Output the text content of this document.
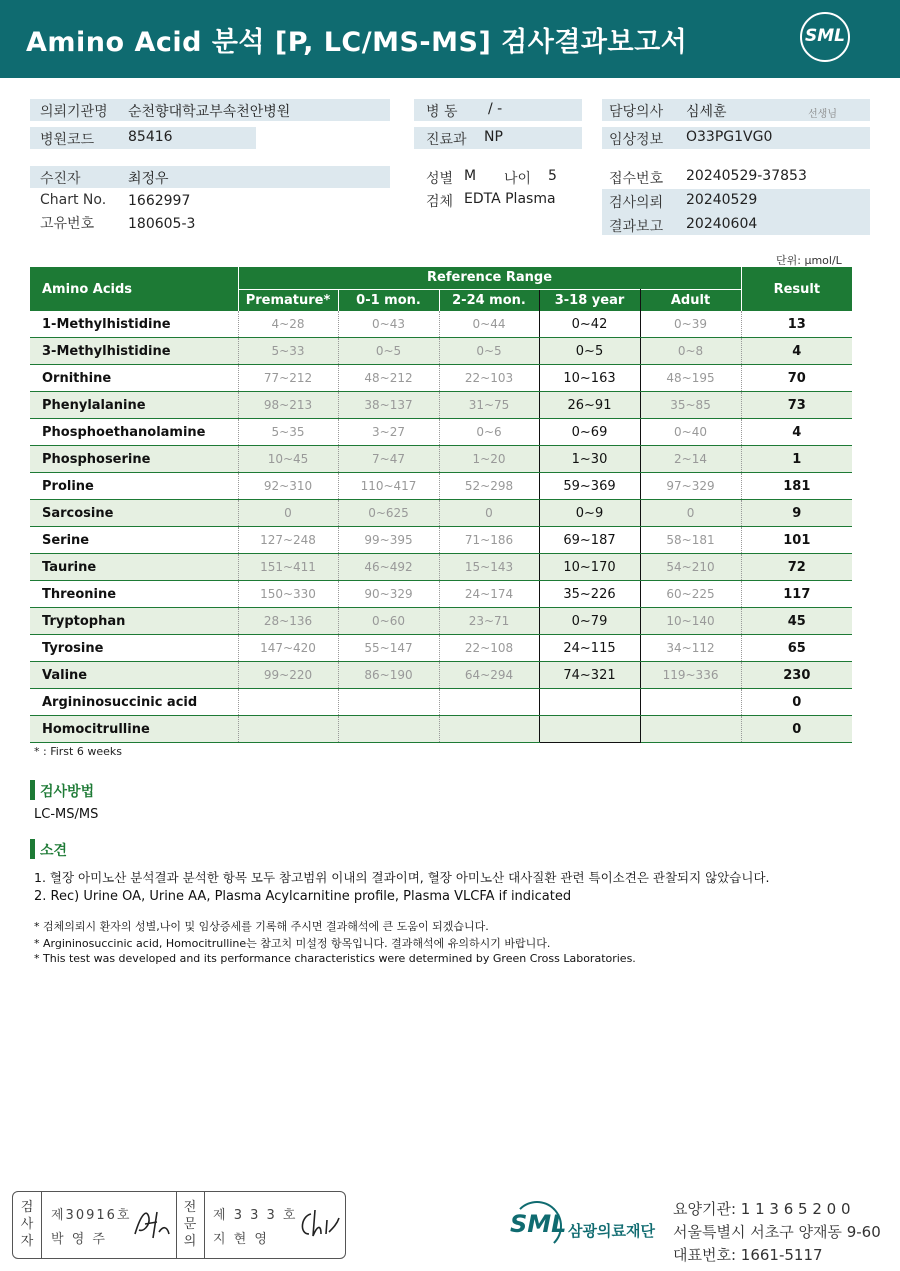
Amino Acid 분석 [P, LC/MS-MS] 검사결과보고서	SML
의뢰기관명 순천향대학교부속천안병원
병원코드 85416
병 동 / -
진료과 NP
담당의사 심세훈	선생님
임상정보 O33PG1VG0
수진자	최정우
Chart No. 1662997
고유번호 180605-3
성별 M 나이 5
검체 EDTA Plasma
접수번호 20240529-37853
검사의뢰 20240529
결과보고 20240604
단위: μmol/L
Amino Acids	Reference Range					Result
	Premature*	0-1 mon.	2-24 mon.	3-18 year	Adult	
1-Methylhistidine	4~28	0~43	0~44	0~42	0~39	13
3-Methylhistidine	5~33	0~5	0~5	0~5	0~8	4
Ornithine	77~212	48~212	22~103	10~163	48~195	70
Phenylalanine	98~213	38~137	31~75	26~91	35~85	73
Phosphoethanolamine	5~35	3~27	0~6	0~69	0~40	4
Phosphoserine	10~45	7~47	1~20	1~30	2~14	1
Proline	92~310	110~417	52~298	59~369	97~329	181
Sarcosine	0	0~625	0	0~9	0	9
Serine	127~248	99~395	71~186	69~187	58~181	101
Taurine	151~411	46~492	15~143	10~170	54~210	72
Threonine	150~330	90~329	24~174	35~226	60~225	117
Tryptophan	28~136	0~60	23~71	0~79	10~140	45
Tyrosine	147~420	55~147	22~108	24~115	34~112	65
Valine	99~220	86~190	64~294	74~321	119~336	230
Argininosuccinic acid						0
Homocitrulline						0
* : First 6 weeks
검사방법
LC-MS/MS
소견
1. 혈장 아미노산 분석결과 분석한 항목 모두 참고범위 이내의 결과이며, 혈장 아미노산 대사질환 관련 특이소견은 관찰되지 않았습니다.
2. Rec) Urine OA, Urine AA, Plasma Acylcarnitine profile, Plasma VLCFA if indicated
* 검체의뢰시 환자의 성별,나이 및 임상증세를 기록해 주시면 결과해석에 큰 도움이 되겠습니다.
* Argininosuccinic acid, Homocitrulline는 참고치 미설정 항목입니다. 결과해석에 유의하시기 바랍니다.
* This test was developed and its performance characteristics were determined by Green Cross Laboratories.
검
사
자
제30916호
박 영 주
전
문
의
제 3 3 3 호
지 현 영
SML 삼광의료재단
요양기관: 1 1 3 6 5 2 0 0
서울특별시 서초구 양재동 9-60
대표번호: 1661-5117
